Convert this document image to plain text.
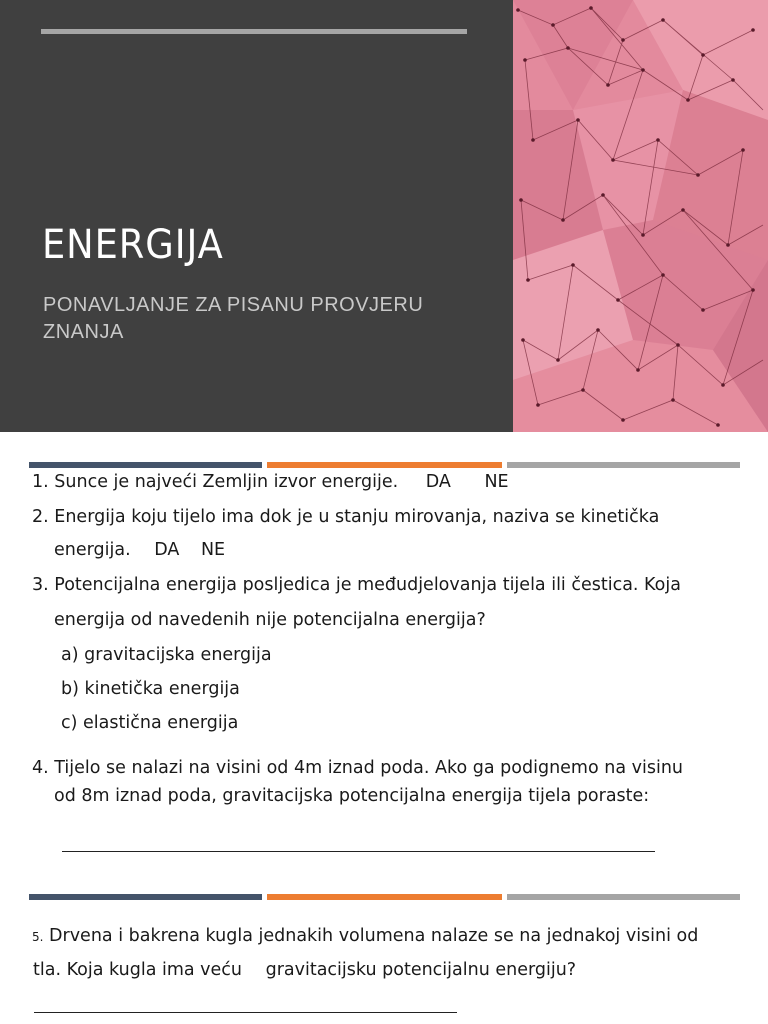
ENERGIJA

PONAVLJANJE ZA PISANU PROVJERU
ZNANJA

1. Sunce je najveći Zemljin izvor energije. DA NE
2. Energija koju tijelo ima dok je u stanju mirovanja, naziva se kinetička
energija. DA NE
3. Potencijalna energija posljedica je međudjelovanja tijela ili čestica. Koja
energija od navedenih nije potencijalna energija?
a) gravitacijska energija
b) kinetička energija
c) elastična energija
4. Tijelo se nalazi na visini od 4m iznad poda. Ako ga podignemo na visinu
od 8m iznad poda, gravitacijska potencijalna energija tijela poraste:
5. Drvena i bakrena kugla jednakih volumena nalaze se na jednakoj visini od
tla. Koja kugla ima veću gravitacijsku potencijalnu energiju?
